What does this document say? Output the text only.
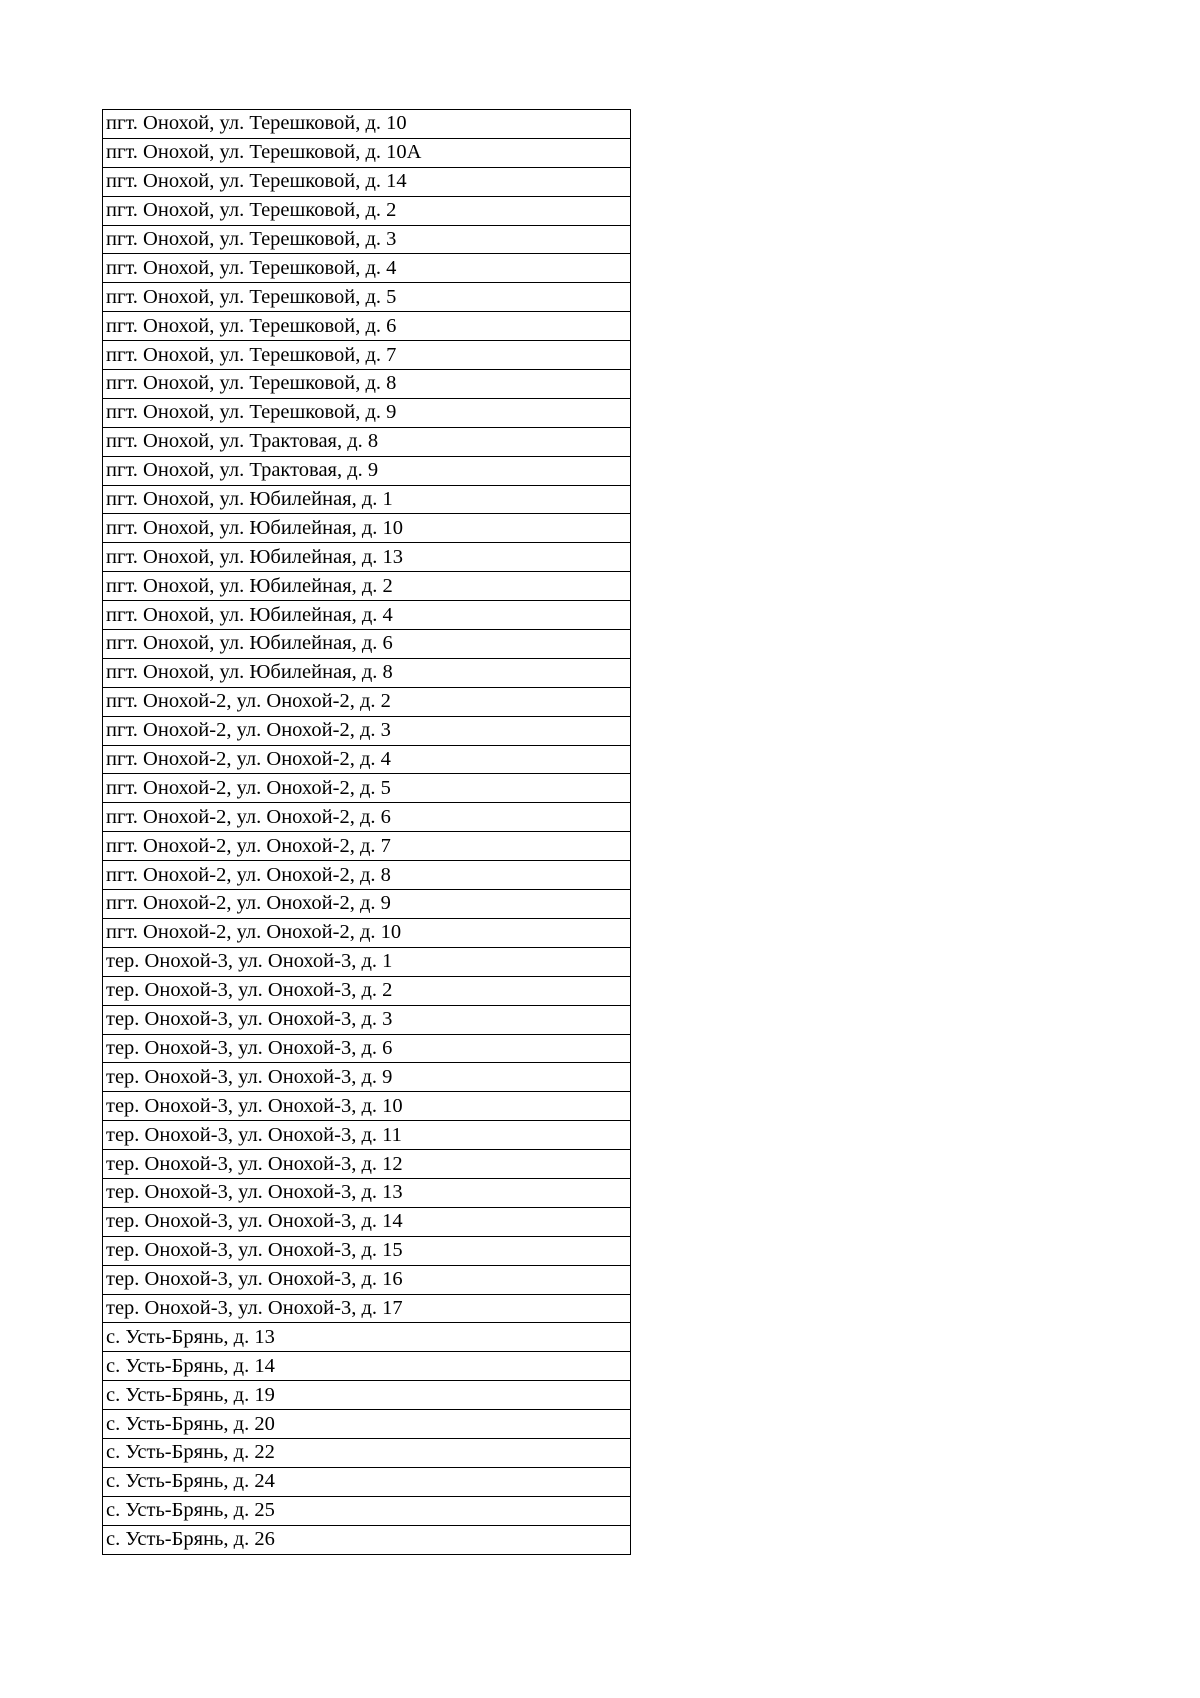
пгт. Онохой, ул. Терешковой, д. 10
пгт. Онохой, ул. Терешковой, д. 10А
пгт. Онохой, ул. Терешковой, д. 14
пгт. Онохой, ул. Терешковой, д. 2
пгт. Онохой, ул. Терешковой, д. 3
пгт. Онохой, ул. Терешковой, д. 4
пгт. Онохой, ул. Терешковой, д. 5
пгт. Онохой, ул. Терешковой, д. 6
пгт. Онохой, ул. Терешковой, д. 7
пгт. Онохой, ул. Терешковой, д. 8
пгт. Онохой, ул. Терешковой, д. 9
пгт. Онохой, ул. Трактовая, д. 8
пгт. Онохой, ул. Трактовая, д. 9
пгт. Онохой, ул. Юбилейная, д. 1
пгт. Онохой, ул. Юбилейная, д. 10
пгт. Онохой, ул. Юбилейная, д. 13
пгт. Онохой, ул. Юбилейная, д. 2
пгт. Онохой, ул. Юбилейная, д. 4
пгт. Онохой, ул. Юбилейная, д. 6
пгт. Онохой, ул. Юбилейная, д. 8
пгт. Онохой-2, ул. Онохой-2, д. 2
пгт. Онохой-2, ул. Онохой-2, д. 3
пгт. Онохой-2, ул. Онохой-2, д. 4
пгт. Онохой-2, ул. Онохой-2, д. 5
пгт. Онохой-2, ул. Онохой-2, д. 6
пгт. Онохой-2, ул. Онохой-2, д. 7
пгт. Онохой-2, ул. Онохой-2, д. 8
пгт. Онохой-2, ул. Онохой-2, д. 9
пгт. Онохой-2, ул. Онохой-2, д. 10
тер. Онохой-3, ул. Онохой-3, д. 1
тер. Онохой-3, ул. Онохой-3, д. 2
тер. Онохой-3, ул. Онохой-3, д. 3
тер. Онохой-3, ул. Онохой-3, д. 6
тер. Онохой-3, ул. Онохой-3, д. 9
тер. Онохой-3, ул. Онохой-3, д. 10
тер. Онохой-3, ул. Онохой-3, д. 11
тер. Онохой-3, ул. Онохой-3, д. 12
тер. Онохой-3, ул. Онохой-3, д. 13
тер. Онохой-3, ул. Онохой-3, д. 14
тер. Онохой-3, ул. Онохой-3, д. 15
тер. Онохой-3, ул. Онохой-3, д. 16
тер. Онохой-3, ул. Онохой-3, д. 17
с. Усть-Брянь, д. 13
с. Усть-Брянь, д. 14
с. Усть-Брянь, д. 19
с. Усть-Брянь, д. 20
с. Усть-Брянь, д. 22
с. Усть-Брянь, д. 24
с. Усть-Брянь, д. 25
с. Усть-Брянь, д. 26
